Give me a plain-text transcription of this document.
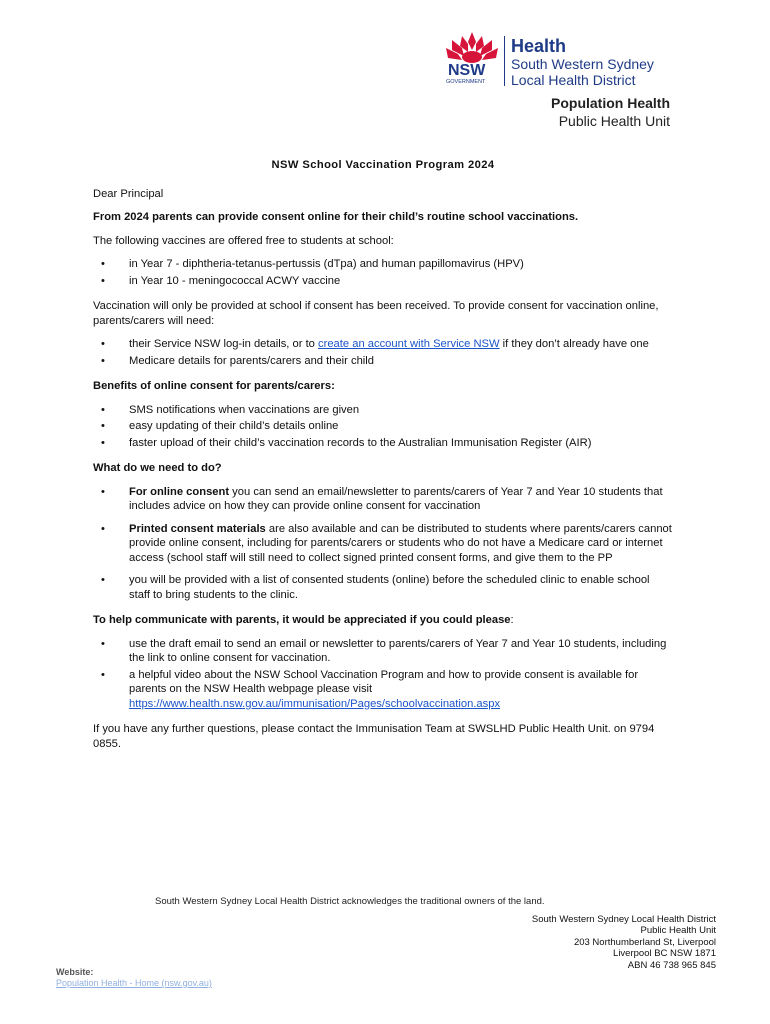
NSW
GOVERNMENT
Health
South Western Sydney
Local Health District
Population Health
Public Health Unit

NSW School Vaccination Program 2024

Dear Principal

From 2024 parents can provide consent online for their child’s routine school vaccinations.

The following vaccines are offered free to students at school:

• in Year 7 - diphtheria-tetanus-pertussis (dTpa) and human papillomavirus (HPV)
• in Year 10 - meningococcal ACWY vaccine

Vaccination will only be provided at school if consent has been received. To provide consent for vaccination online, parents/carers will need:

• their Service NSW log-in details, or to create an account with Service NSW if they don’t already have one
• Medicare details for parents/carers and their child

Benefits of online consent for parents/carers:

• SMS notifications when vaccinations are given
• easy updating of their child’s details online
• faster upload of their child’s vaccination records to the Australian Immunisation Register (AIR)

What do we need to do?

• For online consent you can send an email/newsletter to parents/carers of Year 7 and Year 10 students that includes advice on how they can provide online consent for vaccination
• Printed consent materials are also available and can be distributed to students where parents/carers cannot provide online consent, including for parents/carers or students who do not have a Medicare card or internet access (school staff will still need to collect signed printed consent forms, and give them to the PP
• you will be provided with a list of consented students (online) before the scheduled clinic to enable school staff to bring students to the clinic.

To help communicate with parents, it would be appreciated if you could please:

• use the draft email to send an email or newsletter to parents/carers of Year 7 and Year 10 students, including the link to online consent for vaccination.
• a helpful video about the NSW School Vaccination Program and how to provide consent is available for parents on the NSW Health webpage please visit
https://www.health.nsw.gov.au/immunisation/Pages/schoolvaccination.aspx

If you have any further questions, please contact the Immunisation Team at SWSLHD Public Health Unit. on 9794 0855.

South Western Sydney Local Health District acknowledges the traditional owners of the land.
South Western Sydney Local Health District
Public Health Unit
203 Northumberland St, Liverpool
Liverpool BC NSW 1871
ABN 46 738 965 845
Website:
Population Health - Home (nsw.gov.au)
